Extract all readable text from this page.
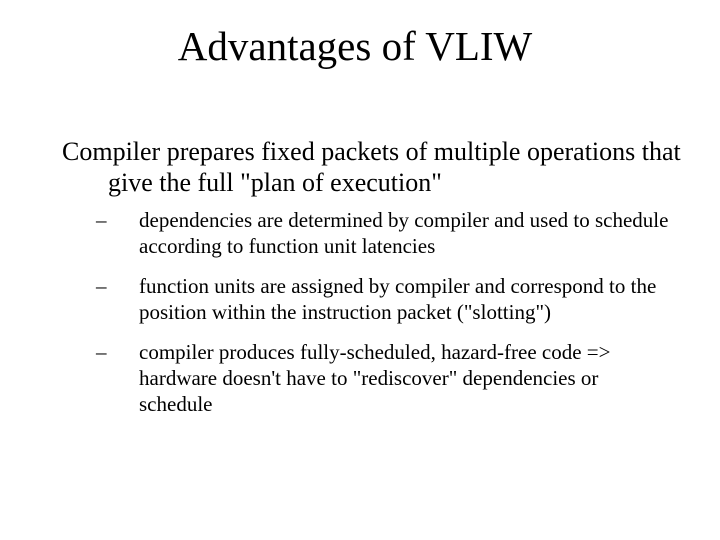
Advantages of VLIW

Compiler prepares fixed packets of multiple operations that give the full "plan of execution"

– dependencies are determined by compiler and used to schedule according to function unit latencies
– function units are assigned by compiler and correspond to the position within the instruction packet ("slotting")
– compiler produces fully-scheduled, hazard-free code => hardware doesn't have to "rediscover" dependencies or schedule
